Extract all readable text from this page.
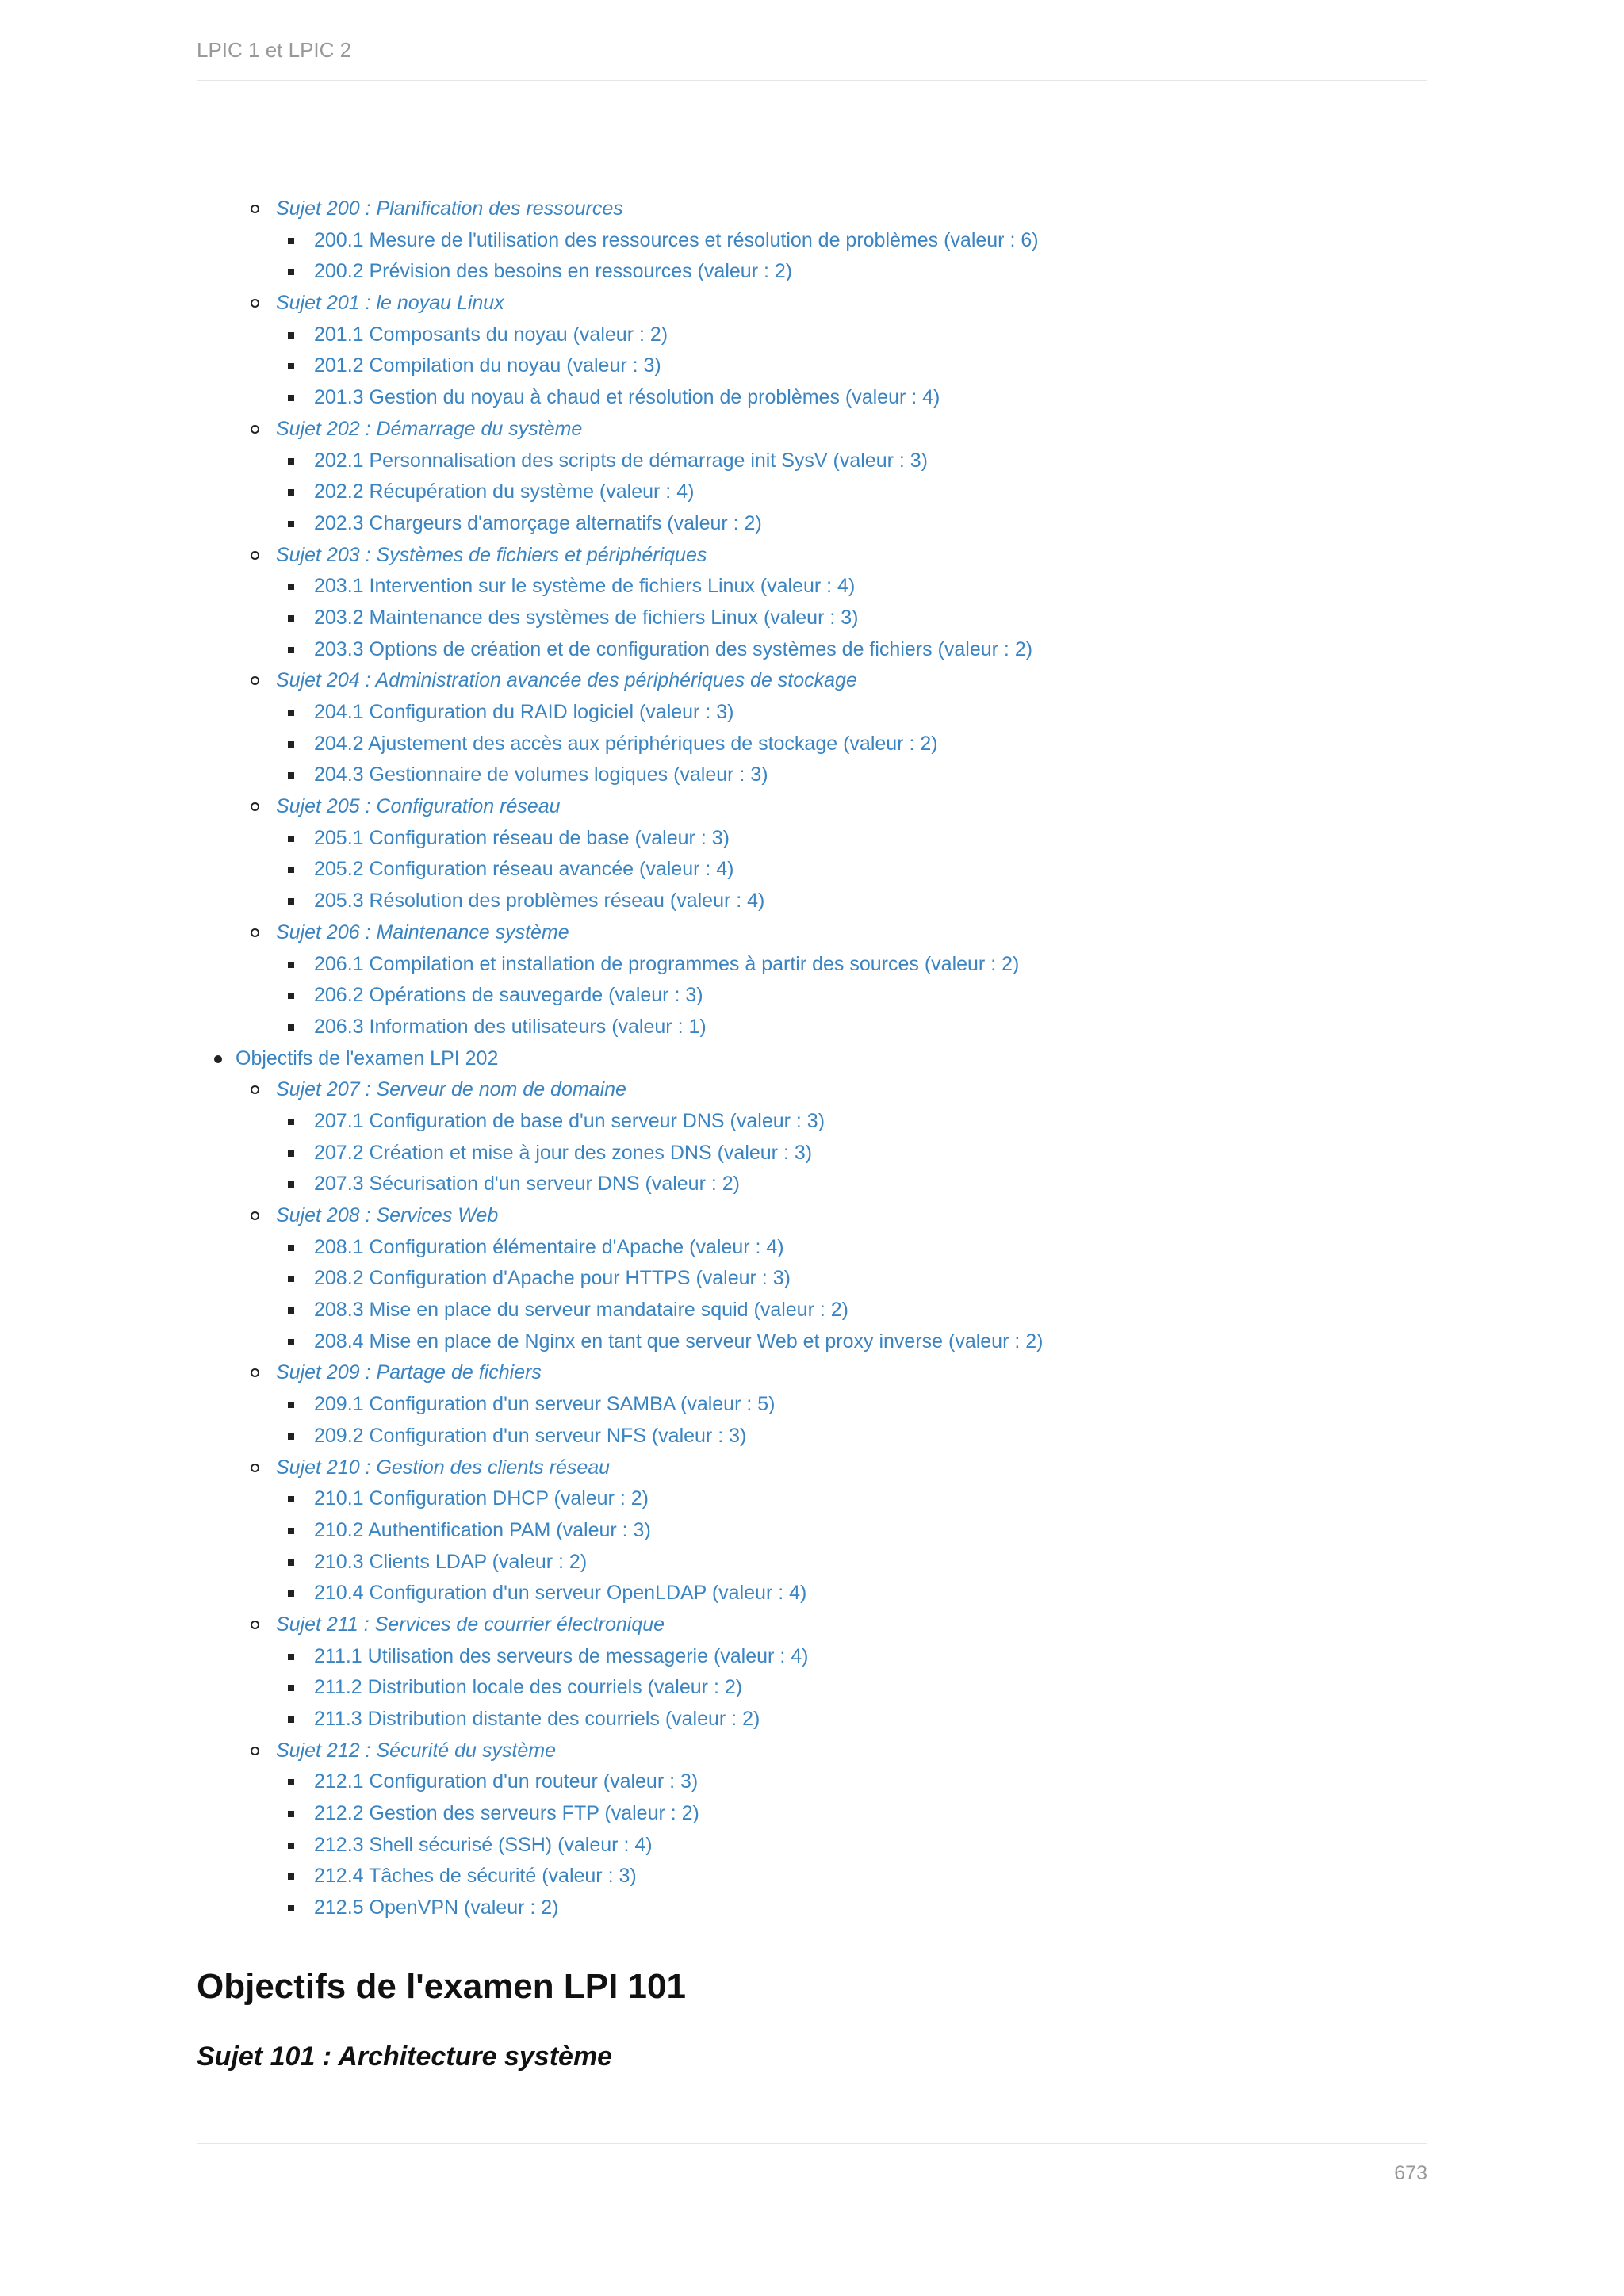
LPIC 1 et LPIC 2
Sujet 200 : Planification des ressources
200.1 Mesure de l'utilisation des ressources et résolution de problèmes (valeur : 6)
200.2 Prévision des besoins en ressources (valeur : 2)
Sujet 201 : le noyau Linux
201.1 Composants du noyau (valeur : 2)
201.2 Compilation du noyau (valeur : 3)
201.3 Gestion du noyau à chaud et résolution de problèmes (valeur : 4)
Sujet 202 : Démarrage du système
202.1 Personnalisation des scripts de démarrage init SysV (valeur : 3)
202.2 Récupération du système (valeur : 4)
202.3 Chargeurs d'amorçage alternatifs (valeur : 2)
Sujet 203 : Systèmes de fichiers et périphériques
203.1 Intervention sur le système de fichiers Linux (valeur : 4)
203.2 Maintenance des systèmes de fichiers Linux (valeur : 3)
203.3 Options de création et de configuration des systèmes de fichiers (valeur : 2)
Sujet 204 : Administration avancée des périphériques de stockage
204.1 Configuration du RAID logiciel (valeur : 3)
204.2 Ajustement des accès aux périphériques de stockage (valeur : 2)
204.3 Gestionnaire de volumes logiques (valeur : 3)
Sujet 205 : Configuration réseau
205.1 Configuration réseau de base (valeur : 3)
205.2 Configuration réseau avancée (valeur : 4)
205.3 Résolution des problèmes réseau (valeur : 4)
Sujet 206 : Maintenance système
206.1 Compilation et installation de programmes à partir des sources (valeur : 2)
206.2 Opérations de sauvegarde (valeur : 3)
206.3 Information des utilisateurs (valeur : 1)
Objectifs de l'examen LPI 202
Sujet 207 : Serveur de nom de domaine
207.1 Configuration de base d'un serveur DNS (valeur : 3)
207.2 Création et mise à jour des zones DNS (valeur : 3)
207.3 Sécurisation d'un serveur DNS (valeur : 2)
Sujet 208 : Services Web
208.1 Configuration élémentaire d'Apache (valeur : 4)
208.2 Configuration d'Apache pour HTTPS (valeur : 3)
208.3 Mise en place du serveur mandataire squid (valeur : 2)
208.4 Mise en place de Nginx en tant que serveur Web et proxy inverse (valeur : 2)
Sujet 209 : Partage de fichiers
209.1 Configuration d'un serveur SAMBA (valeur : 5)
209.2 Configuration d'un serveur NFS (valeur : 3)
Sujet 210 : Gestion des clients réseau
210.1 Configuration DHCP (valeur : 2)
210.2 Authentification PAM (valeur : 3)
210.3 Clients LDAP (valeur : 2)
210.4 Configuration d'un serveur OpenLDAP (valeur : 4)
Sujet 211 : Services de courrier électronique
211.1 Utilisation des serveurs de messagerie (valeur : 4)
211.2 Distribution locale des courriels (valeur : 2)
211.3 Distribution distante des courriels (valeur : 2)
Sujet 212 : Sécurité du système
212.1 Configuration d'un routeur (valeur : 3)
212.2 Gestion des serveurs FTP (valeur : 2)
212.3 Shell sécurisé (SSH) (valeur : 4)
212.4 Tâches de sécurité (valeur : 3)
212.5 OpenVPN (valeur : 2)
Objectifs de l'examen LPI 101
Sujet 101 : Architecture système
673
